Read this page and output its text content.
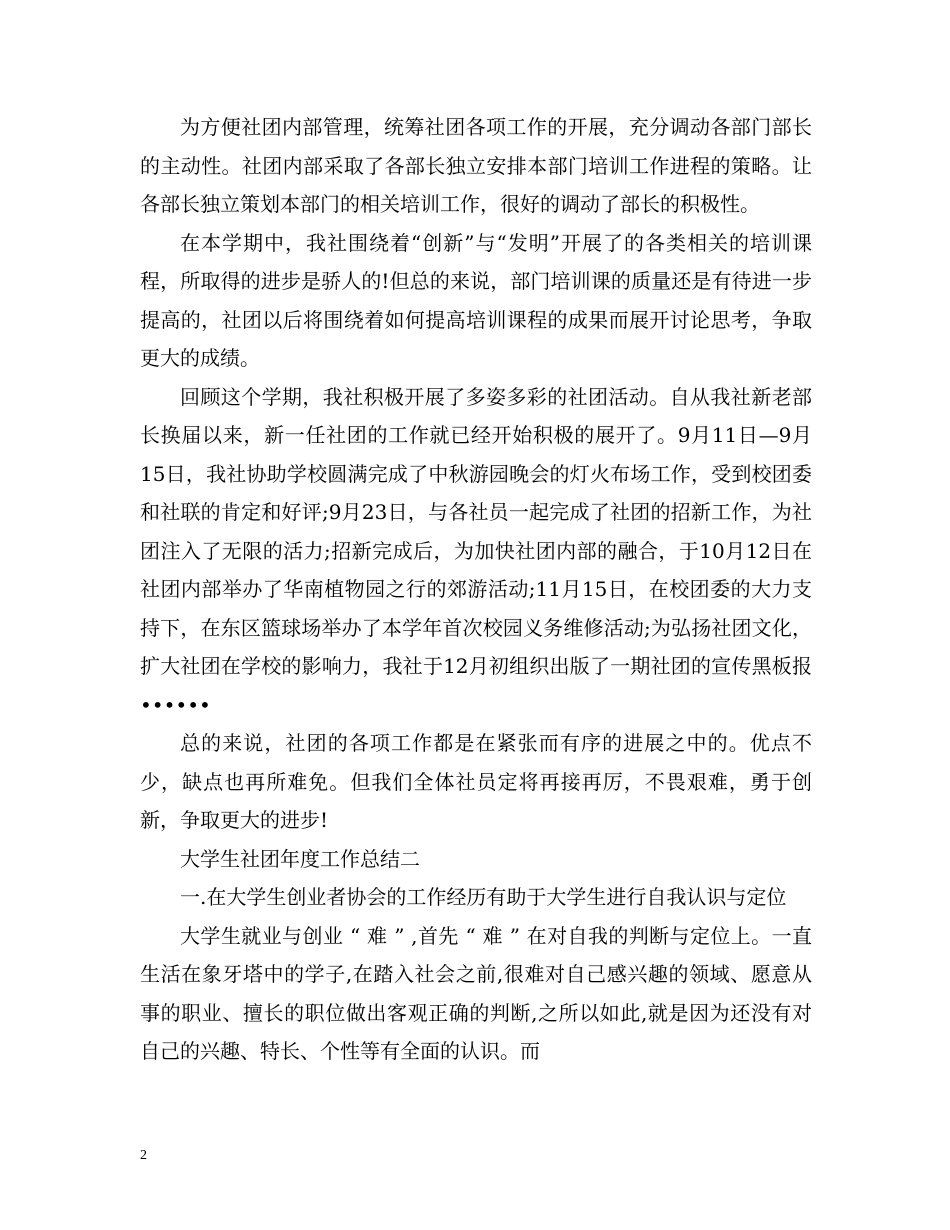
为方便社团内部管理，统筹社团各项工作的开展，充分调动各部门部长的主动性。社团内部采取了各部长独立安排本部门培训工作进程的策略。让各部长独立策划本部门的相关培训工作，很好的调动了部长的积极性。

在本学期中，我社围绕着“创新”与“发明”开展了的各类相关的培训课程，所取得的进步是骄人的!但总的来说，部门培训课的质量还是有待进一步提高的，社团以后将围绕着如何提高培训课程的成果而展开讨论思考，争取更大的成绩。

回顾这个学期，我社积极开展了多姿多彩的社团活动。自从我社新老部长换届以来，新一任社团的工作就已经开始积极的展开了。9月11日—9月15日，我社协助学校圆满完成了中秋游园晚会的灯火布场工作，受到校团委和社联的肯定和好评;9月23日，与各社员一起完成了社团的招新工作，为社团注入了无限的活力;招新完成后，为加快社团内部的融合，于10月12日在社团内部举办了华南植物园之行的郊游活动;11月15日，在校团委的大力支持下，在东区篮球场举办了本学年首次校园义务维修活动;为弘扬社团文化，扩大社团在学校的影响力，我社于12月初组织出版了一期社团的宣传黑板报••••••

总的来说，社团的各项工作都是在紧张而有序的进展之中的。优点不少，缺点也再所难免。但我们全体社员定将再接再厉，不畏艰难，勇于创新，争取更大的进步!

大学生社团年度工作总结二

一.在大学生创业者协会的工作经历有助于大学生进行自我认识与定位

大学生就业与创业 “ 难 ” ,首先 “ 难 ” 在对自我的判断与定位上。一直生活在象牙塔中的学子,在踏入社会之前,很难对自己感兴趣的领域、愿意从事的职业、擅长的职位做出客观正确的判断,之所以如此,就是因为还没有对自己的兴趣、特长、个性等有全面的认识。而

2
